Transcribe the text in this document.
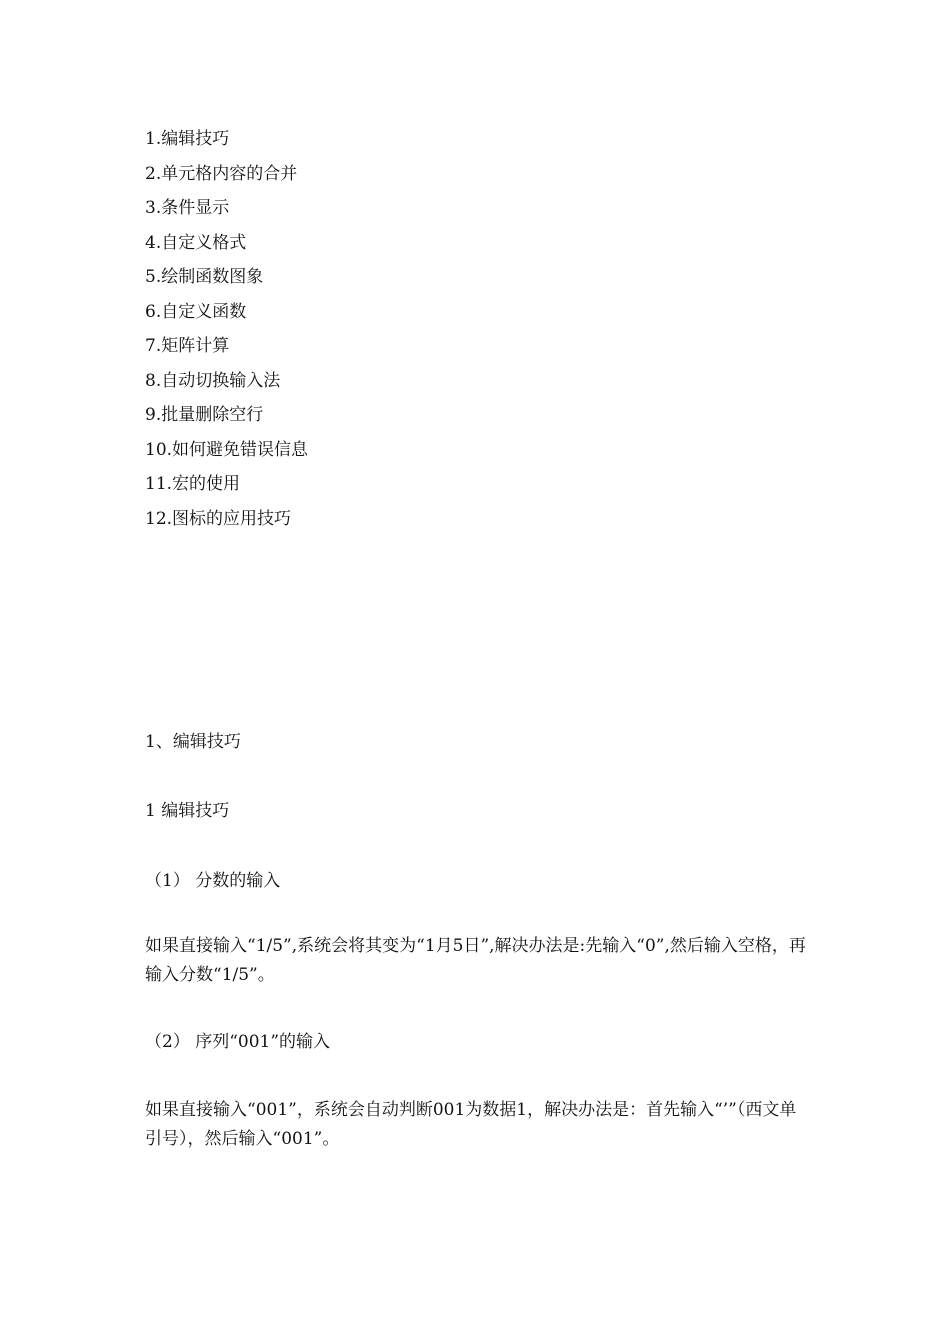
1.编辑技巧
2.单元格内容的合并
3.条件显示
4.自定义格式
5.绘制函数图象
6.自定义函数
7.矩阵计算
8.自动切换输入法
9.批量删除空行
10.如何避免错误信息
11.宏的使用
12.图标的应用技巧
1、编辑技巧
1 编辑技巧
（1） 分数的输入

如果直接输入“1/5”,系统会将其变为“1月5日”,解决办法是:先输入“0”,然后输入空格，再输入分数“1/5”。

（2） 序列“001”的输入

如果直接输入“001”，系统会自动判断001为数据1，解决办法是：首先输入“’”（西文单引号），然后输入“001”。
